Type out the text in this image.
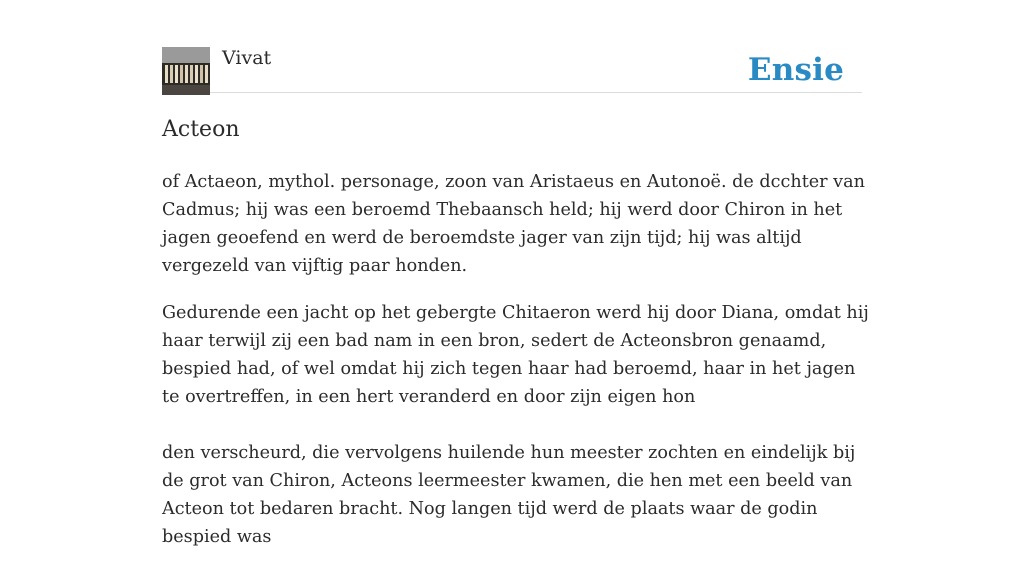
Vivat	Ensie
Acteon

of Actaeon, mythol. personage, zoon van Aristaeus en Autonoë. de dcchter van Cadmus; hij was een beroemd Thebaansch held; hij werd door Chiron in het jagen geoefend en werd de beroemdste jager van zijn tijd; hij was altijd vergezeld van vijftig paar honden.

Gedurende een jacht op het gebergte Chitaeron werd hij door Diana, omdat hij haar terwijl zij een bad nam in een bron, sedert de Acteonsbron genaamd, bespied had, of wel omdat hij zich tegen haar had beroemd, haar in het jagen te overtreffen, in een hert veranderd en door zijn eigen hon

den verscheurd, die vervolgens huilende hun meester zochten en eindelijk bij de grot van Chiron, Acteons leermeester kwamen, die hen met een beeld van Acteon tot bedaren bracht. Nog langen tijd werd de plaats waar de godin bespied was
